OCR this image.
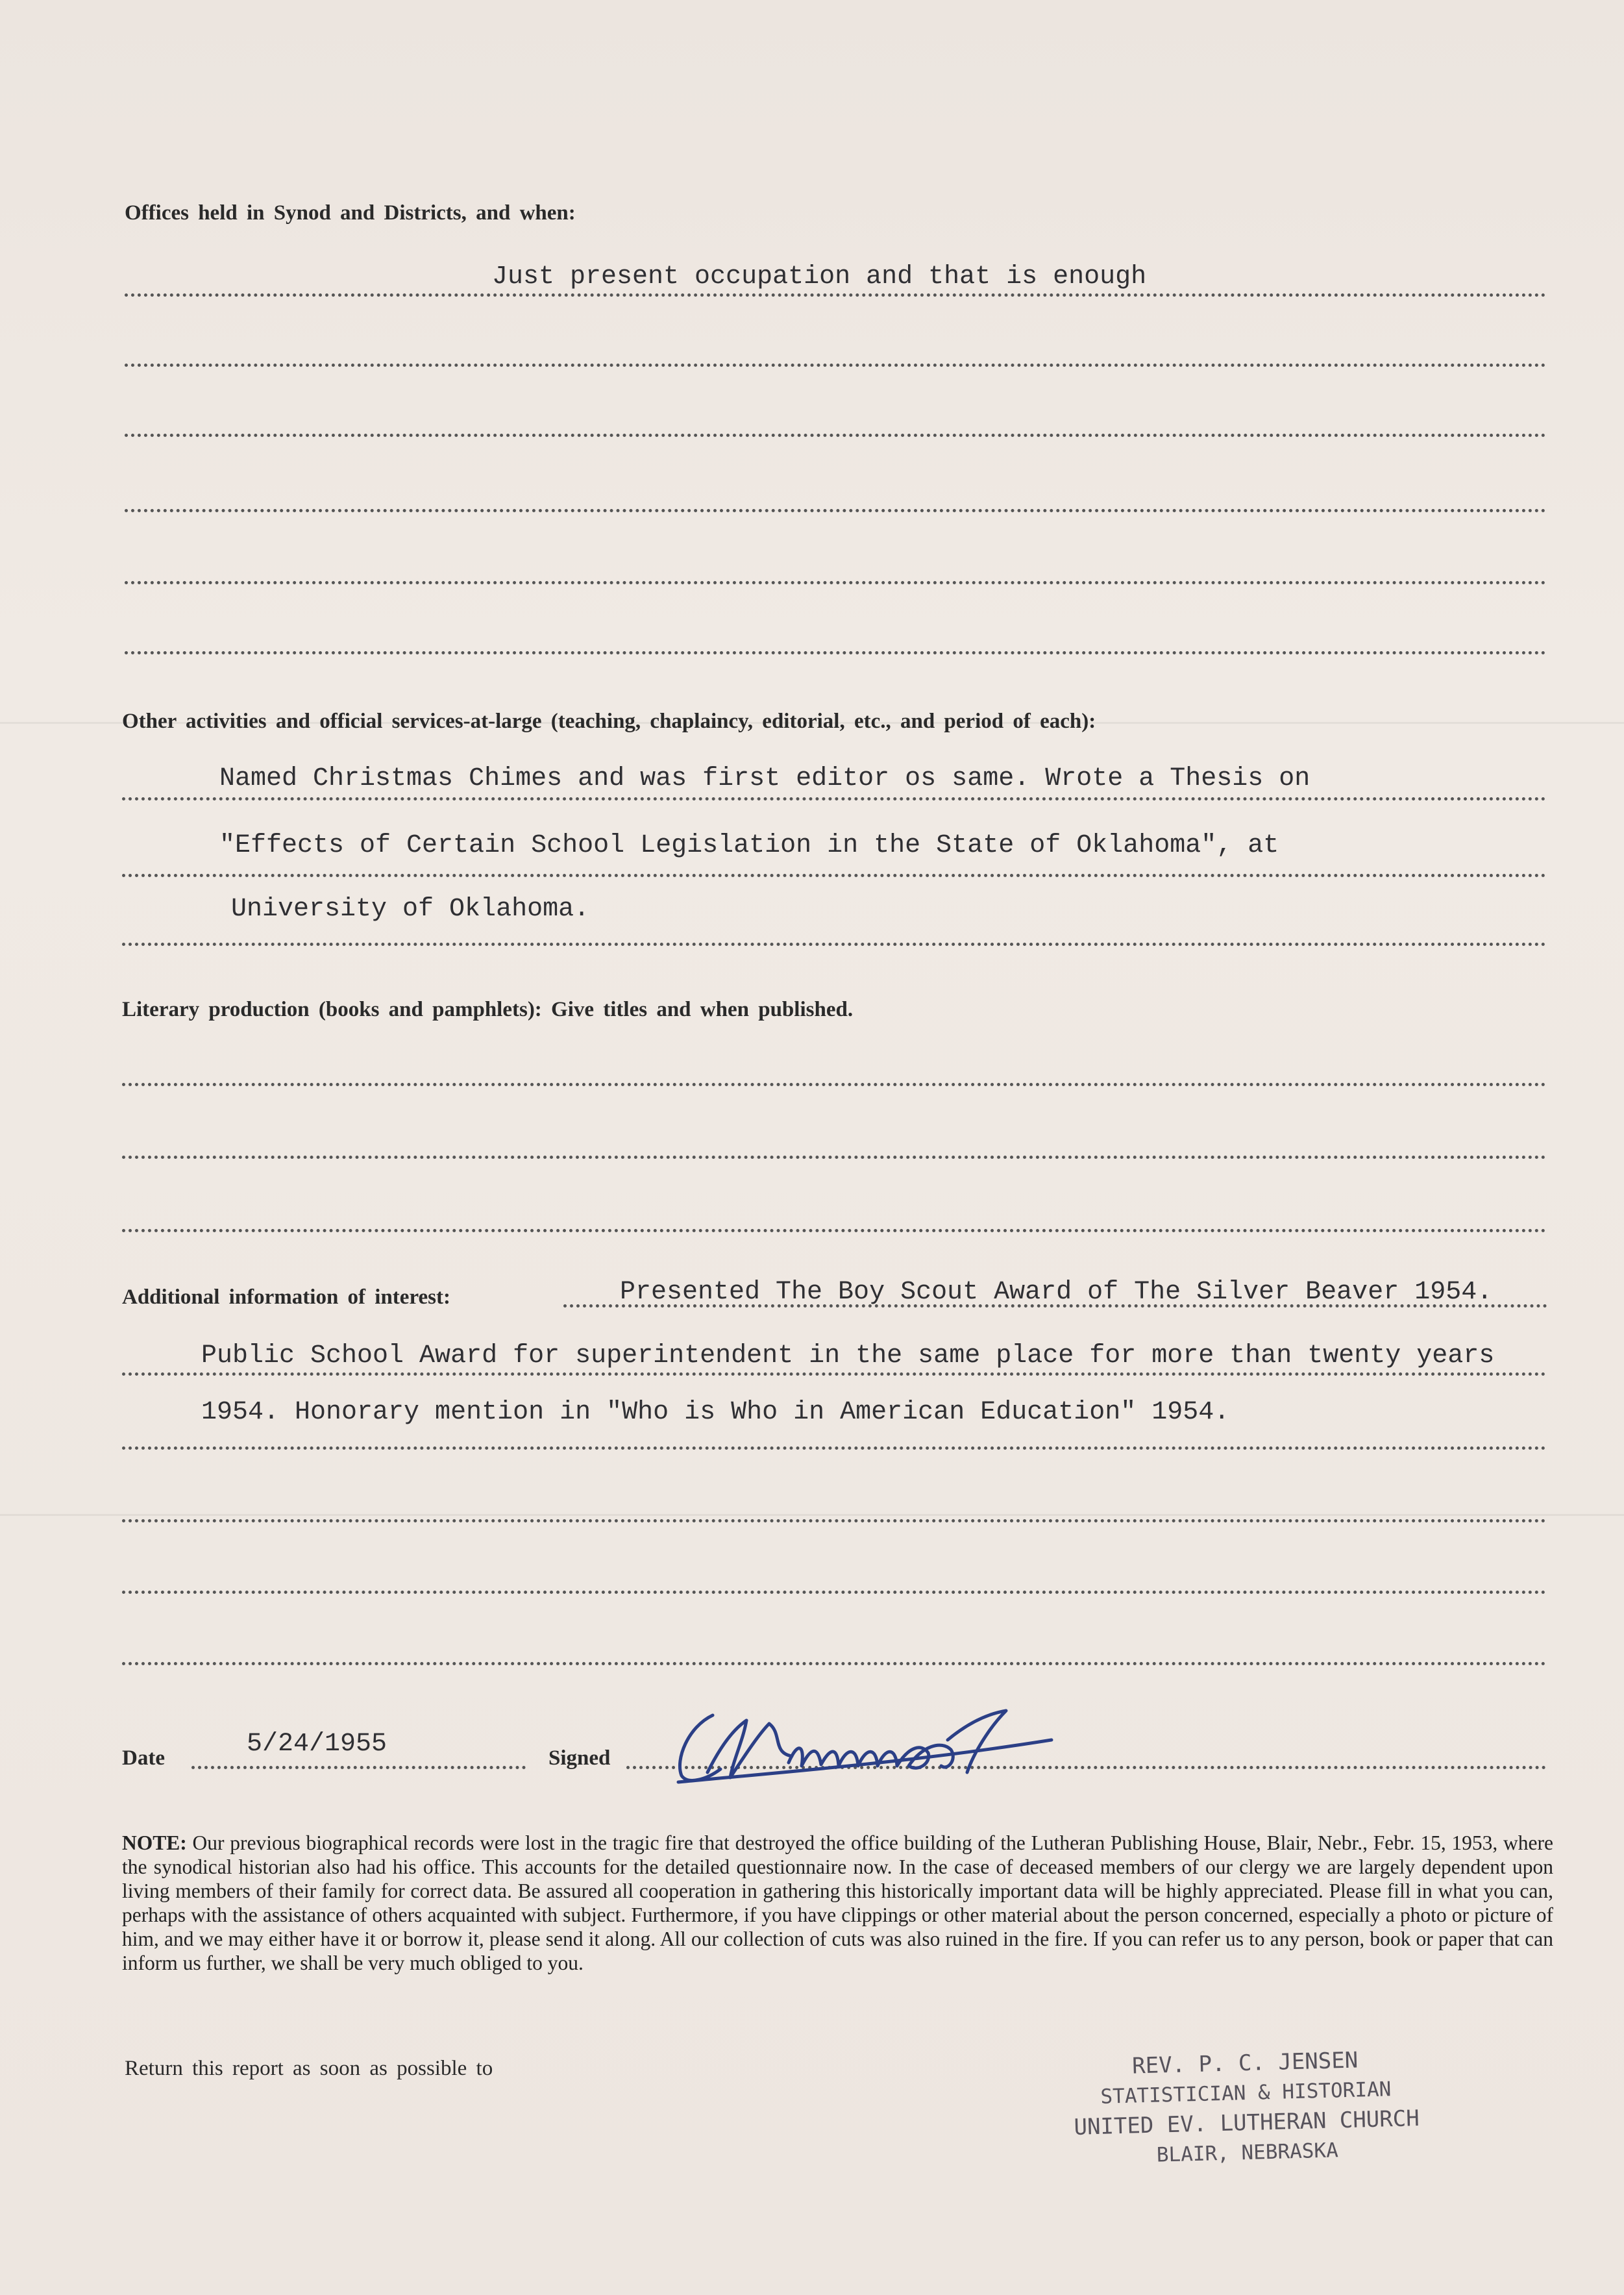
Offices held in Synod and Districts, and when:
Just present occupation and that is enough
Other activities and official services-at-large (teaching, chaplaincy, editorial, etc., and period of each):
Named Christmas Chimes and was first editor os same. Wrote a Thesis on
"Effects of Certain School Legislation in the State of Oklahoma", at
University of Oklahoma.
Literary production (books and pamphlets): Give titles and when published.
Additional information of interest:	Presented The Boy Scout Award of The Silver Beaver 1954.
Public School Award for superintendent in the same place for more than twenty years
1954. Honorary mention in "Who is Who in American Education" 1954.
Date	5/24/1955	Signed
NOTE: Our previous biographical records were lost in the tragic fire that destroyed the office building of the Lutheran Publishing House, Blair, Nebr., Febr. 15, 1953, where the synodical historian also had his office. This accounts for the detailed questionnaire now. In the case of deceased members of our clergy we are largely dependent upon living members of their family for correct data. Be assured all cooperation in gathering this historically important data will be highly appreciated. Please fill in what you can, perhaps with the assistance of others acquainted with subject. Furthermore, if you have clippings or other material about the person concerned, especially a photo or picture of him, and we may either have it or borrow it, please send it along. All our collection of cuts was also ruined in the fire. If you can refer us to any person, book or paper that can inform us further, we shall be very much obliged to you.
Return this report as soon as possible to	REV. P. C. JENSEN
STATISTICIAN & HISTORIAN
UNITED EV. LUTHERAN CHURCH
BLAIR, NEBRASKA
